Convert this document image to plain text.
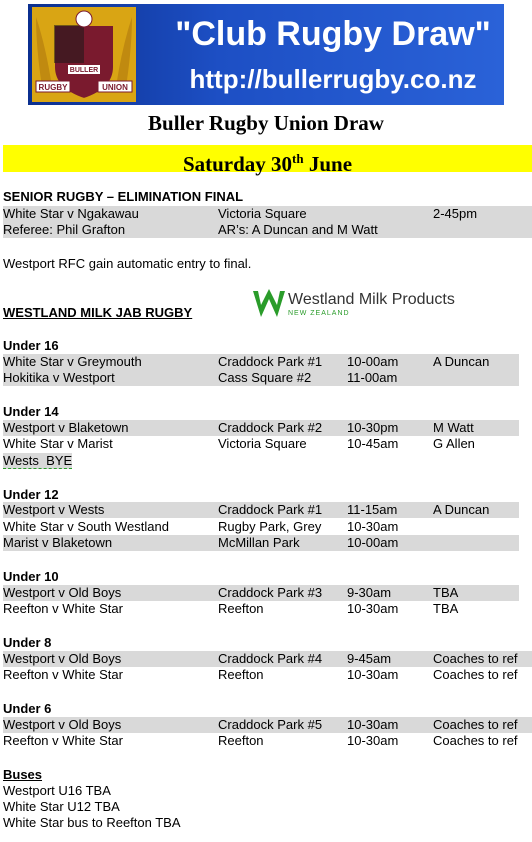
BULLER
RUGBY	UNION
"Club Rugby Draw"
http://bullerrugby.co.nz
Buller Rugby Union Draw
Saturday 30th June
SENIOR RUGBY – ELIMINATION FINAL
White Star v Ngakawau	Victoria Square	2-45pm
Referee: Phil Grafton	AR’s: A Duncan and M Watt
Westport RFC gain automatic entry to final.
WESTLAND MILK JAB RUGBY
Westland Milk Products
NEW ZEALAND
Under 16
White Star v Greymouth	Craddock Park #1 10-00am	A Duncan
Hokitika v Westport	Cass Square #2	11-00am
Under 14
Westport v Blaketown	Craddock Park #2 10-30pm	M Watt
White Star v Marist	Victoria Square	10-45am	G Allen
Wests  BYE
Under 12
Westport v Wests	Craddock Park #1 11-15am	A Duncan
White Star v South Westland	Rugby Park, Grey 10-30am
Marist v Blaketown	McMillan Park	10-00am
Under 10
Westport v Old Boys	Craddock Park #3 9-30am	TBA
Reefton v White Star	Reefton	10-30am	TBA
Under 8
Westport v Old Boys	Craddock Park #4 9-45am	Coaches to ref
Reefton v White Star	Reefton	10-30am	Coaches to ref
Under 6
Westport v Old Boys	Craddock Park #5 10-30am	Coaches to ref
Reefton v White Star	Reefton	10-30am	Coaches to ref
Buses
Westport U16 TBA
White Star U12 TBA
White Star bus to Reefton TBA
